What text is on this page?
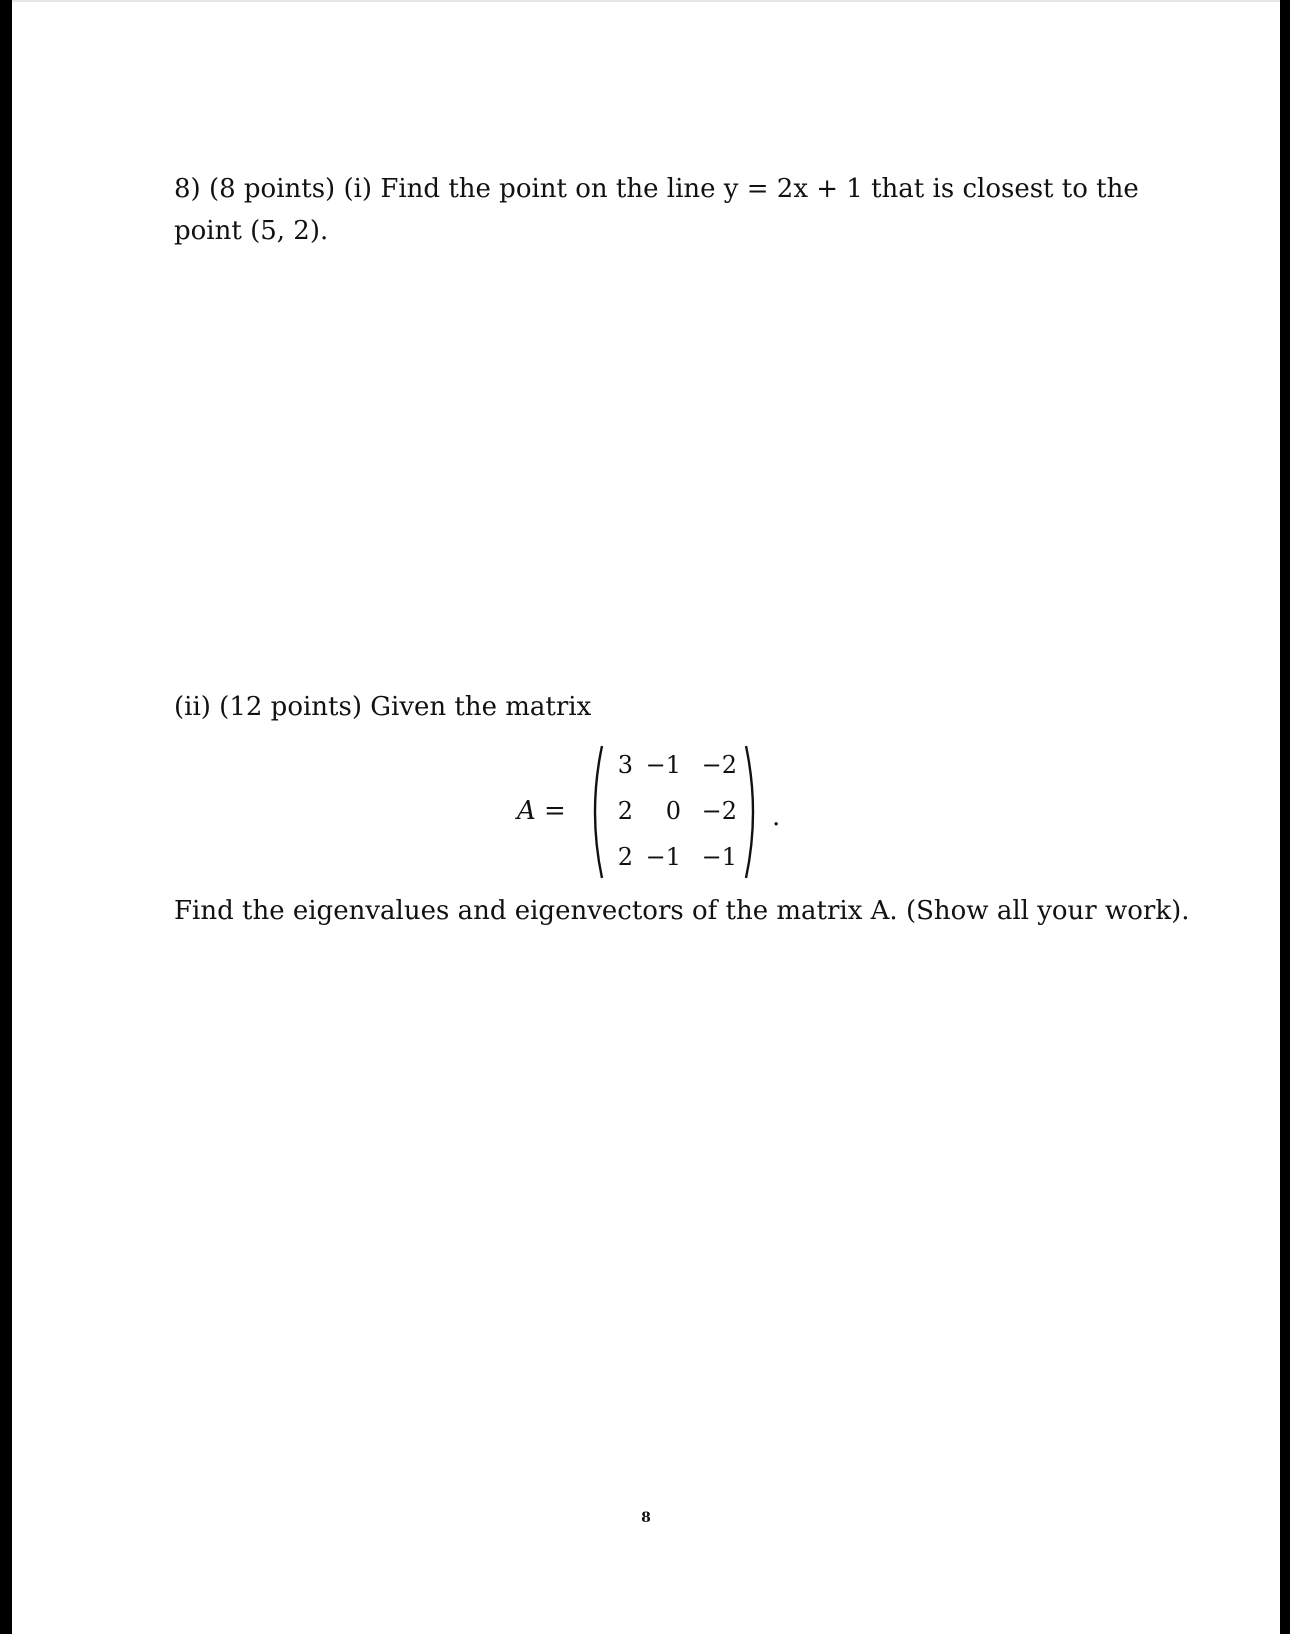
8) (8 points) (i) Find the point on the line y = 2x + 1 that is closest to the
point (5, 2).
(ii) (12 points) Given the matrix
A =
3 −1 −2
2	0 −2
2 −1 −1
.
Find the eigenvalues and eigenvectors of the matrix A. (Show all your work).
8
